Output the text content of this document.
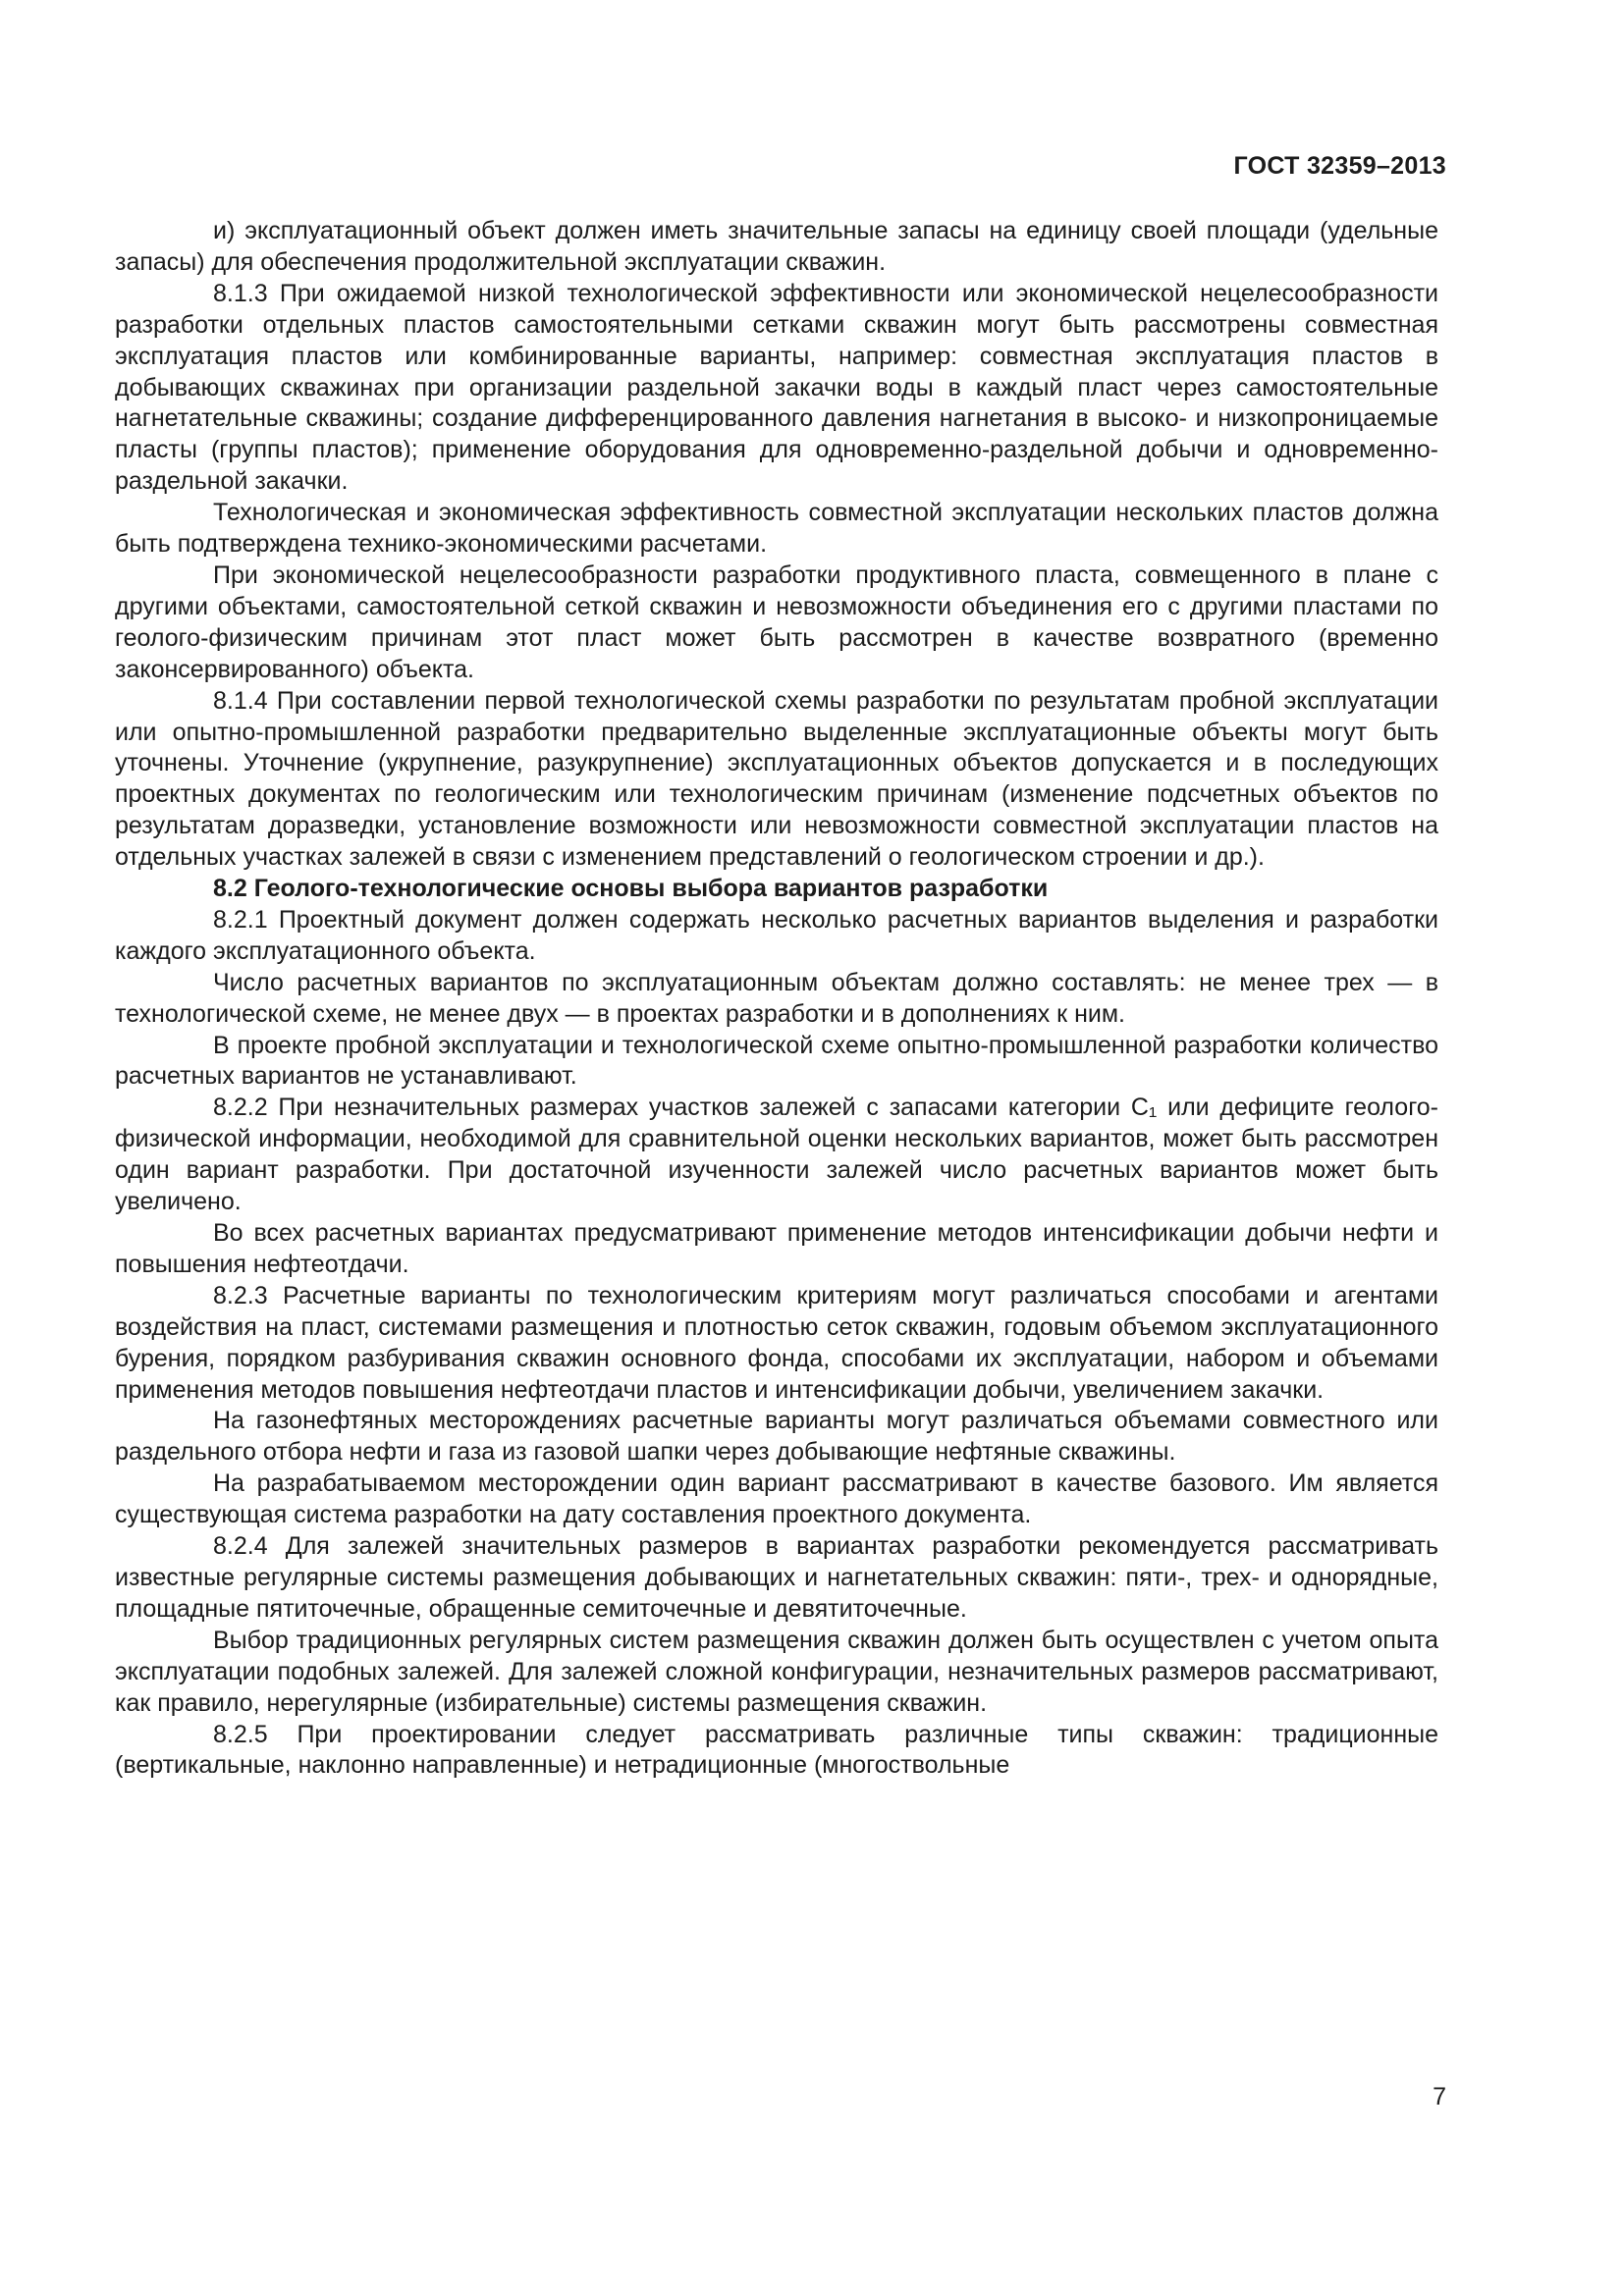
ГОСТ 32359–2013

и) эксплуатационный объект должен иметь значительные запасы на единицу своей площади (удельные запасы) для обеспечения продолжительной эксплуатации скважин.

8.1.3 При ожидаемой низкой технологической эффективности или экономической нецелесообразности разработки отдельных пластов самостоятельными сетками скважин могут быть рассмотрены совместная эксплуатация пластов или комбинированные варианты, например: совместная эксплуатация пластов в добывающих скважинах при организации раздельной закачки воды в каждый пласт через самостоятельные нагнетательные скважины; создание дифференцированного давления нагнетания в высоко- и низкопроницаемые пласты (группы пластов); применение оборудования для одновременно-раздельной добычи и одновременно-раздельной закачки.

Технологическая и экономическая эффективность совместной эксплуатации нескольких пластов должна быть подтверждена технико-экономическими расчетами.

При экономической нецелесообразности разработки продуктивного пласта, совмещенного в плане с другими объектами, самостоятельной сеткой скважин и невозможности объединения его с другими пластами по геолого-физическим причинам этот пласт может быть рассмотрен в качестве возвратного (временно законсервированного) объекта.

8.1.4 При составлении первой технологической схемы разработки по результатам пробной эксплуатации или опытно-промышленной разработки предварительно выделенные эксплуатационные объекты могут быть уточнены. Уточнение (укрупнение, разукрупнение) эксплуатационных объектов допускается и в последующих проектных документах по геологическим или технологическим причинам (изменение подсчетных объектов по результатам доразведки, установление возможности или невозможности совместной эксплуатации пластов на отдельных участках залежей в связи с изменением представлений о геологическом строении и др.).

8.2 Геолого-технологические основы выбора вариантов разработки

8.2.1 Проектный документ должен содержать несколько расчетных вариантов выделения и разработки каждого эксплуатационного объекта.

Число расчетных вариантов по эксплуатационным объектам должно составлять: не менее трех — в технологической схеме, не менее двух — в проектах разработки и в дополнениях к ним.

В проекте пробной эксплуатации и технологической схеме опытно-промышленной разработки количество расчетных вариантов не устанавливают.

8.2.2 При незначительных размерах участков залежей с запасами категории C₁ или дефиците геолого-физической информации, необходимой для сравнительной оценки нескольких вариантов, может быть рассмотрен один вариант разработки. При достаточной изученности залежей число расчетных вариантов может быть увеличено.

Во всех расчетных вариантах предусматривают применение методов интенсификации добычи нефти и повышения нефтеотдачи.

8.2.3 Расчетные варианты по технологическим критериям могут различаться способами и агентами воздействия на пласт, системами размещения и плотностью сеток скважин, годовым объемом эксплуатационного бурения, порядком разбуривания скважин основного фонда, способами их эксплуатации, набором и объемами применения методов повышения нефтеотдачи пластов и интенсификации добычи, увеличением закачки.

На газонефтяных месторождениях расчетные варианты могут различаться объемами совместного или раздельного отбора нефти и газа из газовой шапки через добывающие нефтяные скважины.

На разрабатываемом месторождении один вариант рассматривают в качестве базового. Им является существующая система разработки на дату составления проектного документа.

8.2.4 Для залежей значительных размеров в вариантах разработки рекомендуется рассматривать известные регулярные системы размещения добывающих и нагнетательных скважин: пяти-, трех- и однорядные, площадные пятиточечные, обращенные семиточечные и девятиточечные.

Выбор традиционных регулярных систем размещения скважин должен быть осуществлен с учетом опыта эксплуатации подобных залежей. Для залежей сложной конфигурации, незначительных размеров рассматривают, как правило, нерегулярные (избирательные) системы размещения скважин.

8.2.5 При проектировании следует рассматривать различные типы скважин: традиционные (вертикальные, наклонно направленные) и нетрадиционные (многоствольные

7
